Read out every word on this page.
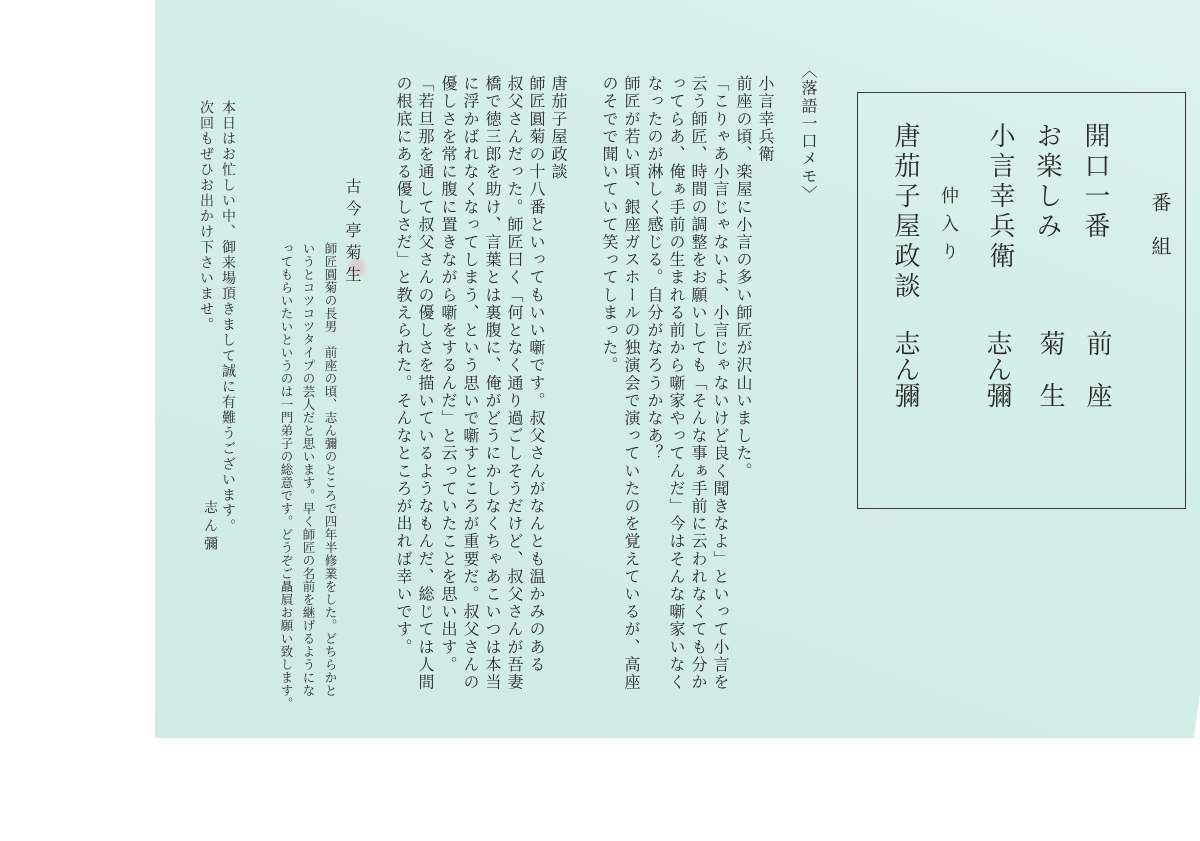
番　組

開口一番

前　座

お楽しみ

菊　生

小言幸兵衛

志ん彌

仲入り

唐茄子屋政談

志ん彌

〈落語一口メモ〉

小言幸兵衛

前座の頃、楽屋に小言の多い師匠が沢山いました。

「こりゃあ小言じゃないよ、小言じゃないけど良く聞きなよ」といって小言を

云う師匠、時間の調整をお願いしても「そんな事ぁ手前に云われなくても分か

ってらあ、俺ぁ手前の生まれる前から噺家やってんだ」今はそんな噺家いなく

なったのが淋しく感じる。自分がなろうかなあ？

師匠が若い頃、銀座ガスホールの独演会で演っていたのを覚えているが、高座

のそでで聞いていて笑ってしまった。

唐茄子屋政談

師匠圓菊の十八番といってもいい噺です。叔父さんがなんとも温かみのある

叔父さんだった。師匠曰く「何となく通り過ごしそうだけど、叔父さんが吾妻

橋で徳三郎を助け、言葉とは裏腹に、俺がどうにかしなくちゃあこいつは本当

に浮かばれなくなってしまう、という思いで噺すところが重要だ。叔父さんの

優しさを常に腹に置きながら噺をするんだ」と云っていたことを思い出す。

「若旦那を通して叔父さんの優しさを描いているようなもんだ、総じては人間

の根底にある優しさだ」と教えられた。そんなところが出れば幸いです。

古今亭菊生

師匠圓菊の長男　前座の頃、志ん彌のところで四年半修業をした。どちらかと

いうとコツコツタイプの芸人だと思います。早く師匠の名前を継げるようにな

ってもらいたいというのは一門弟子の総意です。どうぞご贔屓お願い致します。

本日はお忙しい中、御来場頂きまして誠に有難うございます。

次回もぜひお出かけ下さいませ。

志ん彌
